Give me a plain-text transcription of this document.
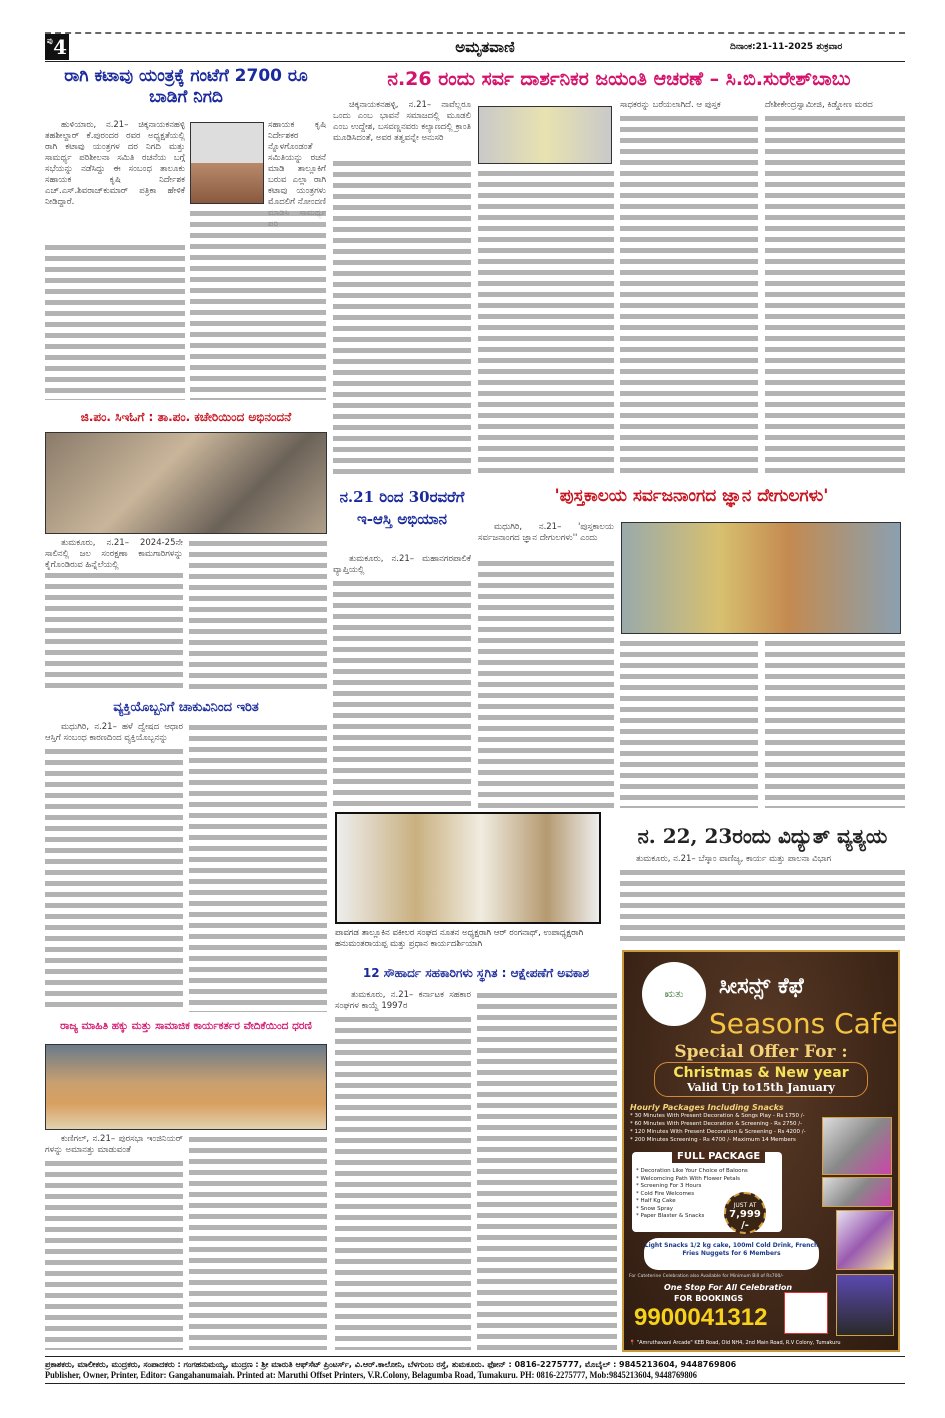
ಪು 4	ಅಮೃತವಾಣಿ	ದಿನಾಂಕ:21-11-2025 ಶುಕ್ರವಾರ
ರಾಗಿ ಕಟಾವು ಯಂತ್ರಕ್ಕೆ ಗಂಟೆಗೆ 2700 ರೂ ಬಾಡಿಗೆ ನಿಗದಿ

ಹುಳಿಯಾರು, ನ.21– ಚಿಕ್ಕನಾಯಕನಹಳ್ಳಿ ತಹಶೀಲ್ದಾರ್ ಕೆ.ಪುರಂದರ ರವರ ಅಧ್ಯಕ್ಷತೆಯಲ್ಲಿ ರಾಗಿ ಕಟಾವು ಯಂತ್ರಗಳ ದರ ನಿಗದಿ ಮತ್ತು ಸಾಮರ್ಥ್ಯ ಪರಿಶೀಲನಾ ಸಮಿತಿ ರಚನೆಯ ಬಗ್ಗೆ ಸಭೆಯನ್ನು ನಡೆಸಿದ್ದು ಈ ಸಂಬಂಧ ತಾಲೂಕು ಸಹಾಯಕ ಕೃಷಿ ನಿರ್ದೇಶಕ ಎಚ್.ಎಸ್.ಶಿವರಾಜ್‌ಕುಮಾರ್ ಪತ್ರಿಕಾ ಹೇಳಿಕೆ ನೀಡಿದ್ದಾರೆ.

ಸಹಾಯಕ ಕೃಷಿ ನಿರ್ದೇಶಕರ ನ್ನೊಳಗೊಂಡಂತೆ ಸಮಿತಿಯನ್ನು ರಚನೆ ಮಾಡಿ ತಾಲ್ಲೂಕಿಗೆ ಬರುವ ಎಲ್ಲಾ ರಾಗಿ ಕಟಾವು ಯಂತ್ರಗಳು ಮೊದಲಿಗೆ ನೋಂದಣಿ
ಜಿ.ಪಂ. ಸಿಇಓಗೆ : ತಾ.ಪಂ. ಕಚೇರಿಯಿಂದ ಅಭಿನಂದನೆ

ತುಮಕೂರು, ನ.21– 2024-25ನೇ ಸಾಲಿನಲ್ಲಿ ಜಲ ಸಂರಕ್ಷಣಾ ಕಾಮಗಾರಿಗಳನ್ನು ಕೈಗೊಂಡಿರುವ ಹಿನ್ನೆಲೆಯಲ್ಲಿ

ವ್ಯಕ್ತಿಯೊಬ್ಬನಿಗೆ ಚಾಕುವಿನಿಂದ ಇರಿತ

ಮಧುಗಿರಿ, ನ.21– ಹಳೆ ದ್ವೇಷದ ಆಧಾರ ಆಸ್ತಿಗೆ ಸಂಬಂಧ ಕಾರಣದಿಂದ ವ್ಯಕ್ತಿಯೊಬ್ಬನನ್ನು

ರಾಜ್ಯ ಮಾಹಿತಿ ಹಕ್ಕು ಮತ್ತು ಸಾಮಾಜಿಕ ಕಾರ್ಯಕರ್ತರ ವೇದಿಕೆಯಿಂದ ಧರಣಿ

ಕುಣಿಗಲ್, ನ.21– ಪುರಸಭಾ ಇಂಜಿನಿಯರ್ ಗಳನ್ನು ಅಮಾನತ್ತು ಮಾಡುವಂತೆ

ನ.26 ರಂದು ಸರ್ವ ದಾರ್ಶನಿಕರ ಜಯಂತಿ ಆಚರಣೆ – ಸಿ.ಬಿ.ಸುರೇಶ್‌ಬಾಬು

ಚಿಕ್ಕನಾಯಕನಹಳ್ಳಿ, ನ.21– ನಾವೆಲ್ಲರೂ ಒಂದು ಎಂಬ ಭಾವನೆ ಸಮಾಜದಲ್ಲಿ ಮೂಡಲಿ ಎಂಬ ಉದ್ದೇಶ, ಬಸವಣ್ಣನವರು ಕಲ್ಯಾಣದಲ್ಲಿ ಕ್ರಾಂತಿ ಮೂಡಿಸಿದಂತೆ, ಅವರ ತತ್ವವನ್ನೇ ಅನುಸರಿ

ಸಾಧಕರನ್ನು ಬರೆಯಲಾಗಿದೆ. ಆ ಪುಸ್ತಕ	ದೇಶೀಕೇಂದ್ರಸ್ವಾಮೀಜಿ, ಕಿಡ್ಡೋಣ ಮಠದ
ನ.21 ರಿಂದ 30ರವರೆಗೆ ಇ-ಆಸ್ತಿ ಅಭಿಯಾನ

ತುಮಕೂರು, ನ.21– ಮಹಾನಗರಪಾಲಿಕೆ ವ್ಯಾಪ್ತಿಯಲ್ಲಿ

'ಪುಸ್ತಕಾಲಯ ಸರ್ವಜನಾಂಗದ ಜ್ಞಾನ ದೇಗುಲಗಳು'

ಮಧುಗಿರಿ, ನ.21– 'ಪುಸ್ತಕಾಲಯ ಸರ್ವಜನಾಂಗದ ಜ್ಞಾನ ದೇಗುಲಗಳು'' ಎಂದು

ಪಾವಗಡ ತಾಲ್ಲೂಕಿನ ವಕೀಲರ ಸಂಘದ ನೂತನ ಅಧ್ಯಕ್ಷರಾಗಿ ಆರ್ ರಂಗನಾಥ್, ಉಪಾಧ್ಯಕ್ಷರಾಗಿ ಹನುಮಂತರಾಯಪ್ಪ ಮತ್ತು ಪ್ರಧಾನ ಕಾರ್ಯದರ್ಶಿಯಾಗಿ
ನ. 22, 23ರಂದು ವಿದ್ಯುತ್ ವ್ಯತ್ಯಯ

ತುಮಕೂರು, ನ.21– ಬೆಸ್ಕಾಂ ವಾಣಿಜ್ಯ, ಕಾರ್ಯ ಮತ್ತು ಪಾಲನಾ ವಿಭಾಗ

12 ಸೌಹಾರ್ದ ಸಹಕಾರಿಗಳು ಸ್ಥಗಿತ : ಆಕ್ಷೇಪಣೆಗೆ ಅವಕಾಶ

ತುಮಕೂರು, ನ.21– ಕರ್ನಾಟಕ ಸಹಕಾರ ಸಂಘಗಳ ಕಾಯ್ದೆ 1997ರ

ಋತು ಸೀಸನ್ಸ್ ಕೆಫೆ
Seasons Cafe
Special Offer For :
Christmas & New year
Valid Up to15th January
Hourly Packages Including Snacks
* 30 Minutes With Present Decoration & Songs Play - Rs 1750 /-
* 60 Minutes With Present Decoration & Screening - Rs 2750 /-
* 120 Minutes With Present Decoration & Screening - Rs 4200 /-
* 200 Minutes Screening - Rs 4700 /- Maximum 14 Members
FULL PACKAGE
* Decoration Like Your Choice of Baloons
* Welcomcing Path With Flower Petals
* Screening For 3 Hours
* Cold Fire Welcomes
* Half Kg Cake
* Snow Spray
* Paper Blaster & Snacks
JUST AT
7,999 /-
Light Snacks 1/2 kg cake, 100ml Cold Drink, French Fries Nuggets for 6 Members
For Cateterine Celebration also Available for Minimum Bill of Rs700/-
One Stop For All Celebration
FOR BOOKINGS
9900041312
📍 "Amruthavani Arcade" KEB Road, Old NH4, 2nd Main Road, R.V Colony, Tumakuru
ಪ್ರಕಾಶಕರು, ಮಾಲೀಕರು, ಮುದ್ರಕರು, ಸಂಪಾದಕರು : ಗಂಗಹನುಮಯ್ಯ, ಮುದ್ರಣ : ಶ್ರೀ ಮಾರುತಿ ಆಫ್‌ಸೆಟ್ ಪ್ರಿಂಟರ್ಸ್, ವಿ.ಆರ್.ಕಾಲೋನಿ, ಬೆಳಗುಂಬ ರಸ್ತೆ, ತುಮಕೂರು. ಫೋನ್ : 0816-2275777, ಮೊಬೈಲ್ : 9845213604, 9448769806
Publisher, Owner, Printer, Editor: Gangahanumaiah. Printed at: Maruthi Offset Printers, V.R.Colony, Belagumba Road, Tumakuru. PH: 0816-2275777, Mob:9845213604, 9448769806
